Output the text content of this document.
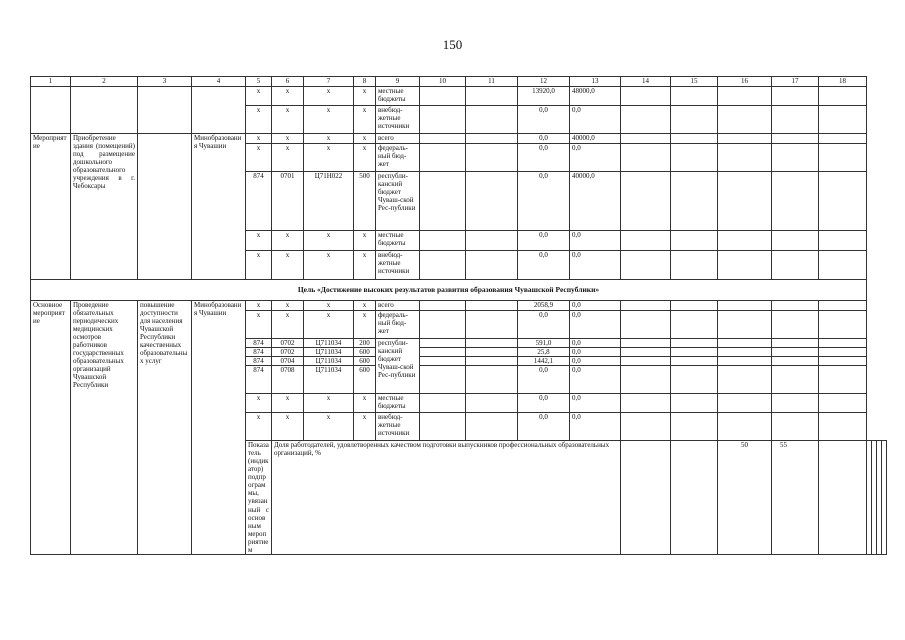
150
1	2	3	4	5	6	7	8	9	10	11	12	13	14	15	16	17	18				
				х	х	х	х	местные бюджеты			13920,0	48000,0									
				х	х	х	х	внебюд-жетные источники			0,0	0,0									
Мероприятие	Приобретение здания (помещений) под размещение дошкольного образовательного учреждения в г. Чебоксары		Минобразования Чувашии	х	х	х	х	всего			0,0	40000,0									
				х	х	х	х	федераль-ный бюд-жет			0,0	0,0									
				874	0701	Ц71Н022	500	республи-канский бюджет Чуваш-ской Рес-публики			0,0	40000,0									
				х	х	х	х	местные бюджеты			0,0	0,0									
				х	х	х	х	внебюд-жетные источники			0,0	0,0									
Цель «Достижение высоких результатов развития образования Чувашской Республики»																					
Основное мероприятие	Проведение обязательных периодических медицинских осмотров работников государственных образовательных организаций Чувашской Республики	повышение доступности для населения Чувашской Республики качественных образовательных услуг	Минобразования Чувашии	х	х	х	х	всего			2058,9	0,0									
				х	х	х	х	федераль-ный бюд-жет			0,0	0,0									
				874	0702	Ц711034	200	республи-канский бюджет Чуваш-ской Рес-публики			591,0	0,0									
				874	0702	Ц711034	600				25,8	0,0									
				874	0704	Ц711034	600				1442,1	0,0									
				874	0708	Ц711034	600				0,0	0,0									
				х	х	х	х	местные бюджеты			0,0	0,0									
				х	х	х	х	внебюд-жетные источники			0,0	0,0									
				Показатель (индикатор) подпрограммы, увязанный с основным мероприятием	Доля работодателей, удовлетворенных качеством подготовки выпускников профессиональных образовательных организаций, %										50	55					
